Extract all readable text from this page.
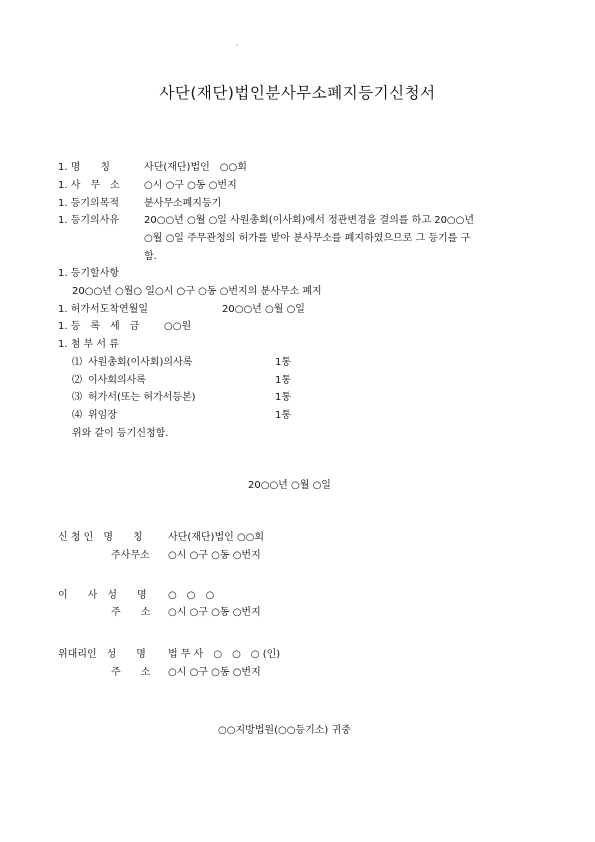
사단(재단)법인분사무소폐지등기신청서
1. 명　　칭	사단(재단)법인　○○회
1. 사　무　소 ○시 ○구 ○동 ○번지
1. 등기의목적 분사무소폐지등기
1. 등기의사유 20○○년 ○월 ○일 사원총회(이사회)에서 정관변경을 결의를 하고 20○○년
○월 ○일 주무관청의 허가를 받아 분사무소를 폐지하였으므로 그 등기를 구
함.
1. 등기할사항
20○○년 ○월○ 일○시 ○구 ○동 ○번지의 분사무소 폐지
1. 허가서도착연월일	20○○년 ○월 ○일
1. 등　록　세　금 ○○원
1. 첨 부 서 류
⑴ 사원총회(이사회)의사록	1통
⑵ 이사회의사록	1통
⑶ 허가서(또는 허가서등본)	1통
⑷ 위임장	1통
위와 같이 등기신청함.
20○○년 ○월 ○일
신 청 인　명　　칭	사단(재단)법인 ○○회
주사무소 ○시 ○구 ○동 ○번지
이　　사　성　　명 ○　○　○
주　　소 ○시 ○구 ○동 ○번지
위대리인　성　　명 법 무 사　○　○　○ (인)
주　　소 ○시 ○구 ○동 ○번지
○○지방법원(○○등기소) 귀중
